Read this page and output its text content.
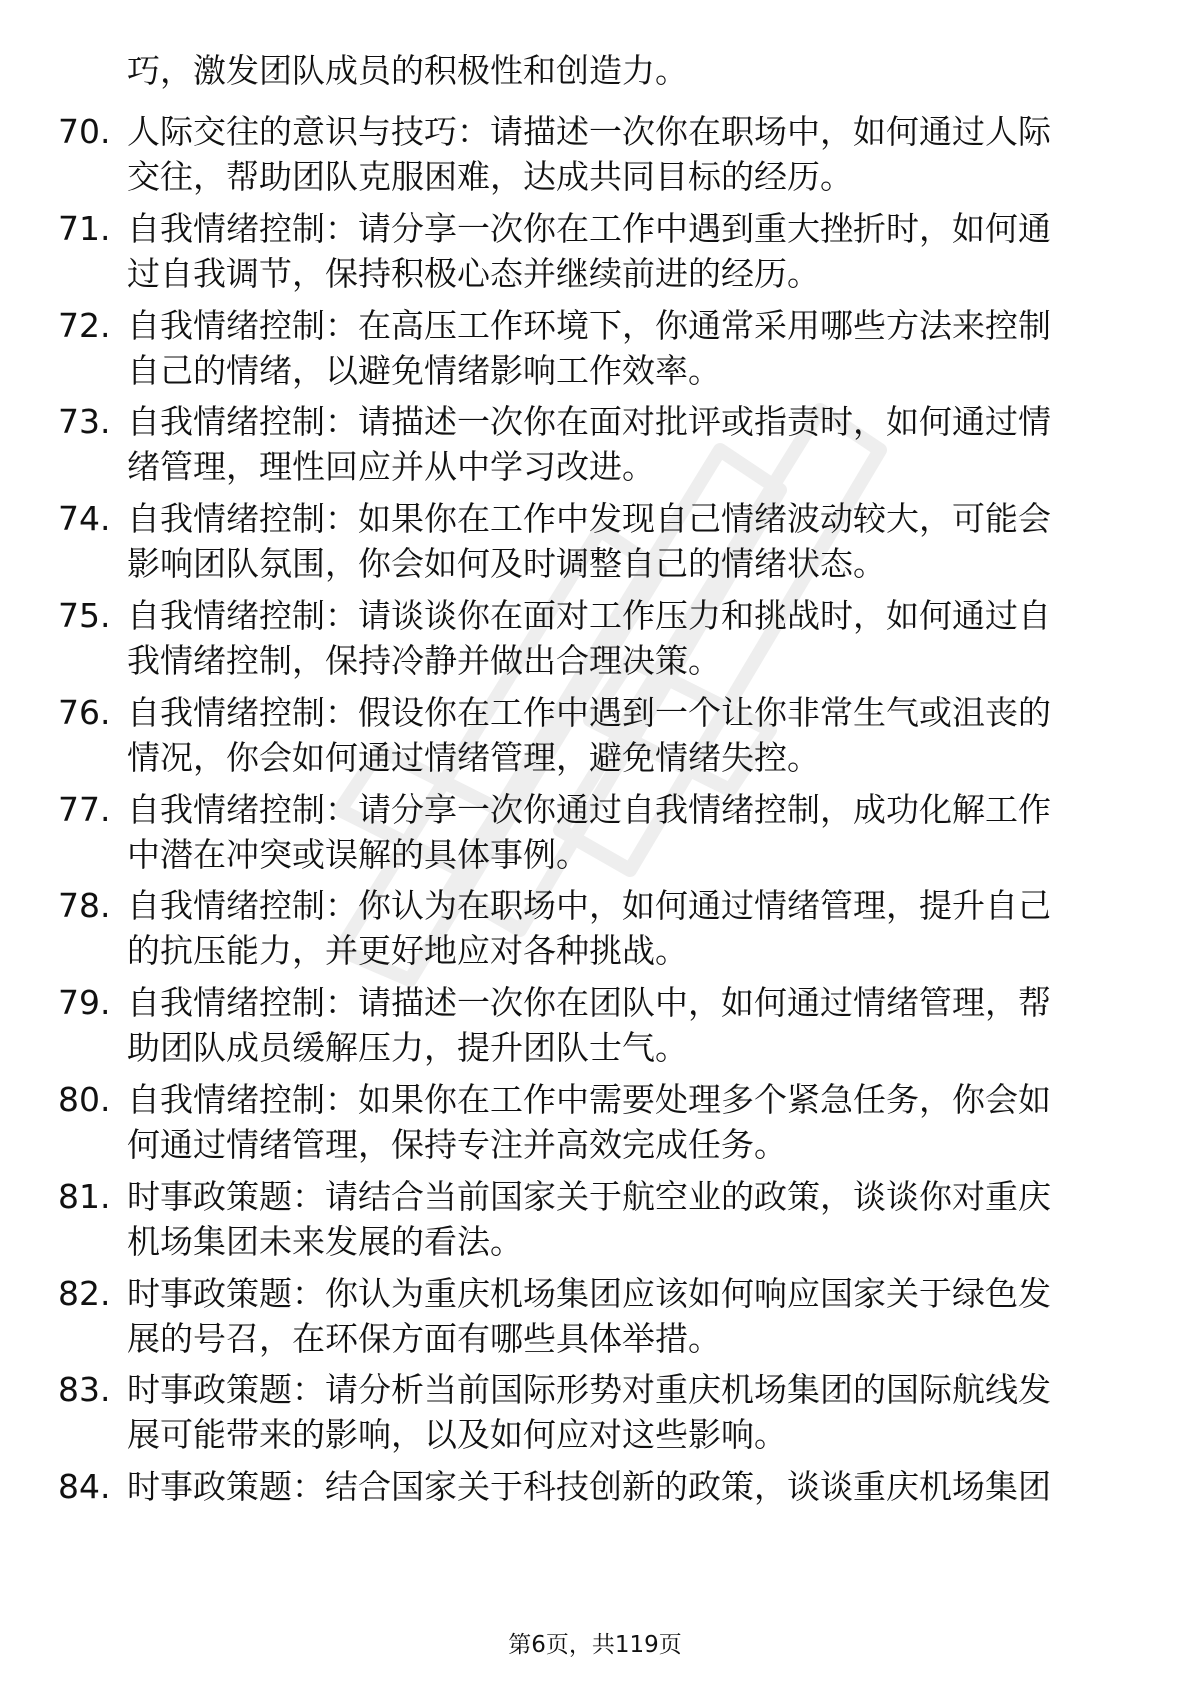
巧，激发团队成员的积极性和创造力。
70. 人际交往的意识与技巧：请描述一次你在职场中，如何通过人际
交往，帮助团队克服困难，达成共同目标的经历。
71. 自我情绪控制：请分享一次你在工作中遇到重大挫折时，如何通
过自我调节，保持积极心态并继续前进的经历。
72. 自我情绪控制：在高压工作环境下，你通常采用哪些方法来控制
自己的情绪，以避免情绪影响工作效率。
73. 自我情绪控制：请描述一次你在面对批评或指责时，如何通过情
绪管理，理性回应并从中学习改进。
74. 自我情绪控制：如果你在工作中发现自己情绪波动较大，可能会
影响团队氛围，你会如何及时调整自己的情绪状态。
75. 自我情绪控制：请谈谈你在面对工作压力和挑战时，如何通过自
我情绪控制，保持冷静并做出合理决策。
76. 自我情绪控制：假设你在工作中遇到一个让你非常生气或沮丧的
情况，你会如何通过情绪管理，避免情绪失控。
77. 自我情绪控制：请分享一次你通过自我情绪控制，成功化解工作
中潜在冲突或误解的具体事例。
78. 自我情绪控制：你认为在职场中，如何通过情绪管理，提升自己
的抗压能力，并更好地应对各种挑战。
79. 自我情绪控制：请描述一次你在团队中，如何通过情绪管理，帮
助团队成员缓解压力，提升团队士气。
80. 自我情绪控制：如果你在工作中需要处理多个紧急任务，你会如
何通过情绪管理，保持专注并高效完成任务。
81. 时事政策题：请结合当前国家关于航空业的政策，谈谈你对重庆
机场集团未来发展的看法。
82. 时事政策题：你认为重庆机场集团应该如何响应国家关于绿色发
展的号召，在环保方面有哪些具体举措。
83. 时事政策题：请分析当前国际形势对重庆机场集团的国际航线发
展可能带来的影响，以及如何应对这些影响。
84. 时事政策题：结合国家关于科技创新的政策，谈谈重庆机场集团
第6页，共119页
